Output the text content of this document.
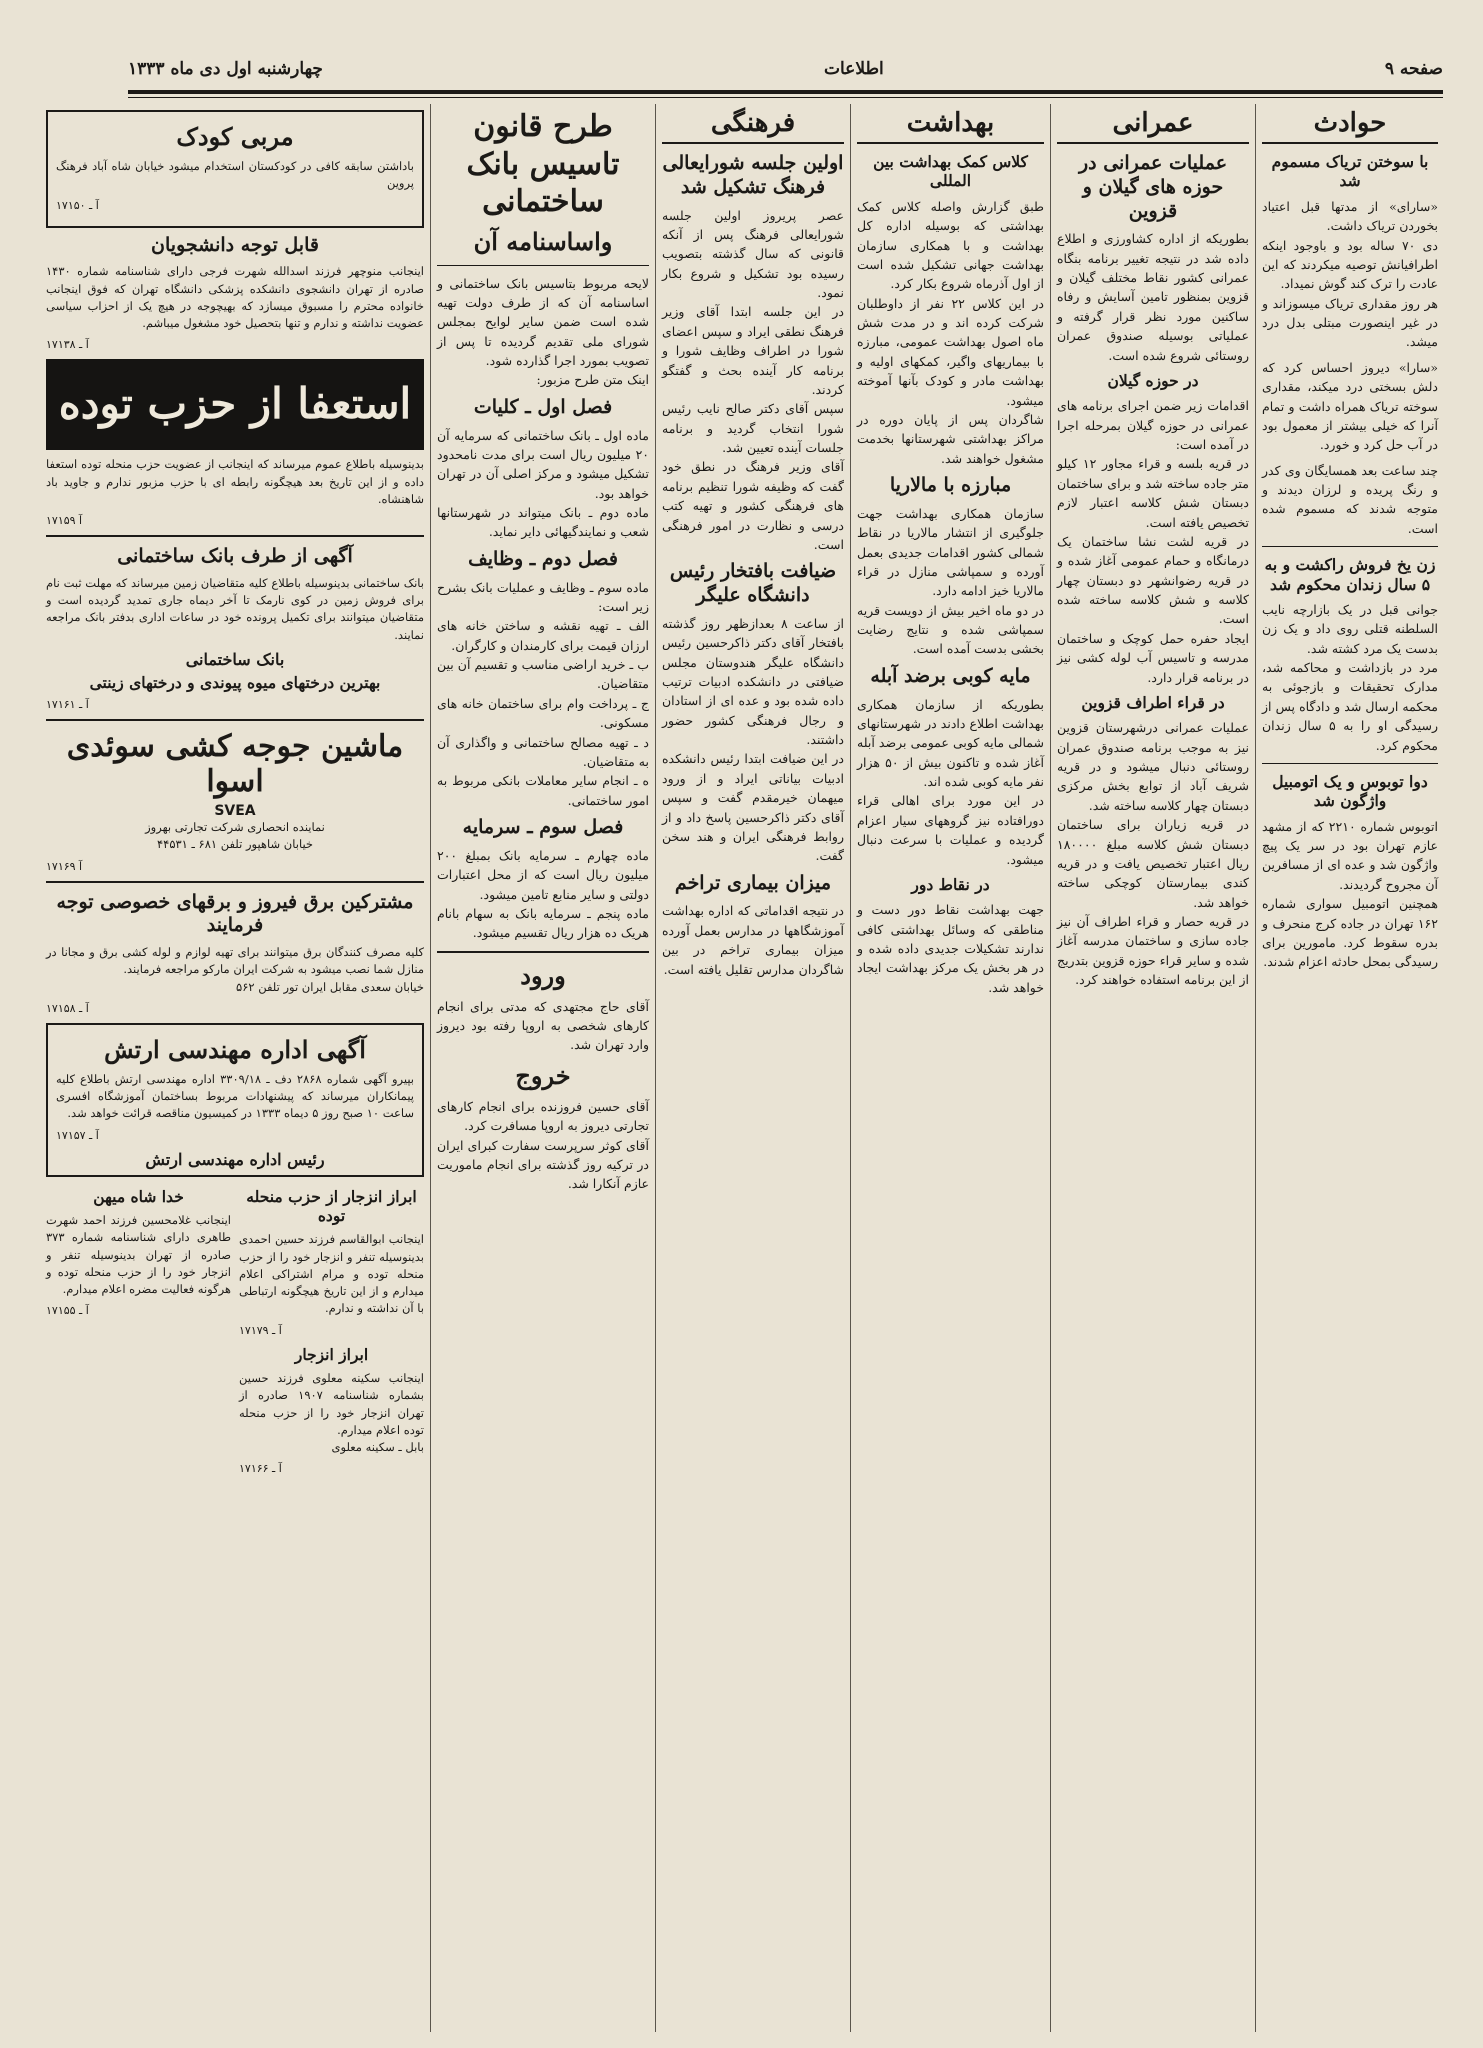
صفحه ۹
اطلاعات
چهارشنبه اول دی ماه ۱۳۳۳
حوادث
با سوختن تریاک مسموم شد

«سارای» از مدتها قبل اعتیاد بخوردن تریاک داشت.
دی ۷۰ ساله بود و باوجود اینکه اطرافیانش توصیه میکردند که این عادت را ترک کند گوش نمیداد.
هر روز مقداری تریاک میسوزاند و در غیر اینصورت مبتلی بدل درد میشد.

«سارا» دیروز احساس کرد که دلش بسختی درد میکند، مقداری سوخته تریاک همراه داشت و تمام آنرا که خیلی بیشتر از معمول بود در آب حل کرد و خورد.

چند ساعت بعد همسایگان وی کدر و رنگ پریده و لرزان دیدند و متوجه شدند که مسموم شده است.

زن یخ فروش راکشت و به ۵ سال زندان محکوم شد

جوانی قبل در یک بازارچه نایب السلطنه قتلی روی داد و یک زن بدست یک مرد کشته شد.
مرد در بازداشت و محاکمه شد، مدارک تحقیقات و بازجوئی به محکمه ارسال شد و دادگاه پس از رسیدگی او را به ۵ سال زندان محکوم کرد.

دوا توبوس و یک اتومبیل واژگون شد

اتوبوس شماره ۲۲۱۰ که از مشهد عازم تهران بود در سر یک پیچ واژگون شد و عده ای از مسافرین آن مجروح گردیدند.
همچنین اتومبیل سواری شماره ۱۶۲ تهران در جاده کرج منحرف و بدره سقوط کرد. مامورین برای رسیدگی بمحل حادثه اعزام شدند.

عمرانی
عملیات عمرانی در حوزه های گیلان و قزوین

بطوریکه از اداره کشاورزی و اطلاع داده شد در نتیجه تغییر برنامه بنگاه عمرانی کشور نقاط مختلف گیلان و قزوین بمنظور تامین آسایش و رفاه ساکنین مورد نظر قرار گرفته و عملیاتی بوسیله صندوق عمران روستائی شروع شده است.

در حوزه گیلان

اقدامات زیر ضمن اجرای برنامه های عمرانی در حوزه گیلان بمرحله اجرا در آمده است:
در قریه بلسه و قراء مجاور ۱۲ کیلو متر جاده ساخته شد و برای ساختمان دبستان شش کلاسه اعتبار لازم تخصیص یافته است.
در قریه لشت نشا ساختمان یک درمانگاه و حمام عمومی آغاز شده و در قریه رضوانشهر دو دبستان چهار کلاسه و شش کلاسه ساخته شده است.
ایجاد حفره حمل کوچک و ساختمان مدرسه و تاسیس آب لوله کشی نیز در برنامه قرار دارد.

در قراء اطراف قزوین

عملیات عمرانی درشهرستان قزوین نیز به موجب برنامه صندوق عمران روستائی دنبال میشود و در قریه شریف آباد از توابع بخش مرکزی دبستان چهار کلاسه ساخته شد.
در قریه زیاران برای ساختمان دبستان شش کلاسه مبلغ ۱۸۰۰۰۰ ریال اعتبار تخصیص یافت و در قریه کندی بیمارستان کوچکی ساخته خواهد شد.
در قریه حصار و قراء اطراف آن نیز جاده سازی و ساختمان مدرسه آغاز شده و سایر قراء حوزه قزوین بتدریج از این برنامه استفاده خواهند کرد.

بهداشت
کلاس کمک بهداشت بین المللی

طبق گزارش واصله کلاس کمک بهداشتی که بوسیله اداره کل بهداشت و با همکاری سازمان بهداشت جهانی تشکیل شده است از اول آذرماه شروع بکار کرد.
در این کلاس ۲۲ نفر از داوطلبان شرکت کرده اند و در مدت شش ماه اصول بهداشت عمومی، مبارزه با بیماریهای واگیر، کمکهای اولیه و بهداشت مادر و کودک بآنها آموخته میشود.
شاگردان پس از پایان دوره در مراکز بهداشتی شهرستانها بخدمت مشغول خواهند شد.

مبارزه با مالاریا

سازمان همکاری بهداشت جهت جلوگیری از انتشار مالاریا در نقاط شمالی کشور اقدامات جدیدی بعمل آورده و سمپاشی منازل در قراء مالاریا خیز ادامه دارد.
در دو ماه اخیر بیش از دویست قریه سمپاشی شده و نتایج رضایت بخشی بدست آمده است.

مایه کوبی برضد آبله

بطوریکه از سازمان همکاری بهداشت اطلاع دادند در شهرستانهای شمالی مایه کوبی عمومی برضد آبله آغاز شده و تاکنون بیش از ۵۰ هزار نفر مایه کوبی شده اند.
در این مورد برای اهالی قراء دورافتاده نیز گروههای سیار اعزام گردیده و عملیات با سرعت دنبال میشود.

در نقاط دور

جهت بهداشت نقاط دور دست و مناطقی که وسائل بهداشتی کافی ندارند تشکیلات جدیدی داده شده و در هر بخش یک مرکز بهداشت ایجاد خواهد شد.

فرهنگی
اولین جلسه شورایعالی فرهنگ تشکیل شد

عصر پریروز اولین جلسه شورایعالی فرهنگ پس از آنکه قانونی که سال گذشته بتصویب رسیده بود تشکیل و شروع بکار نمود.
در این جلسه ابتدا آقای وزیر فرهنگ نطقی ایراد و سپس اعضای شورا در اطراف وظایف شورا و برنامه کار آینده بحث و گفتگو کردند.
سپس آقای دکتر صالح نایب رئیس شورا انتخاب گردید و برنامه جلسات آینده تعیین شد.
آقای وزیر فرهنگ در نطق خود گفت که وظیفه شورا تنظیم برنامه های فرهنگی کشور و تهیه کتب درسی و نظارت در امور فرهنگی است.

ضیافت بافتخار رئیس دانشگاه علیگر

از ساعت ۸ بعدازظهر روز گذشته بافتخار آقای دکتر ذاکرحسین رئیس دانشگاه علیگر هندوستان مجلس ضیافتی در دانشکده ادبیات ترتیب داده شده بود و عده ای از استادان و رجال فرهنگی کشور حضور داشتند.
در این ضیافت ابتدا رئیس دانشکده ادبیات بیاناتی ایراد و از ورود میهمان خیرمقدم گفت و سپس آقای دکتر ذاکرحسین پاسخ داد و از روابط فرهنگی ایران و هند سخن گفت.

میزان بیماری تراخم

در نتیجه اقداماتی که اداره بهداشت آموزشگاهها در مدارس بعمل آورده میزان بیماری تراخم در بین شاگردان مدارس تقلیل یافته است.

طرح قانون تاسیس بانک ساختمانی
واساسنامه آن

لایحه مربوط بتاسیس بانک ساختمانی و اساسنامه آن که از طرف دولت تهیه شده است ضمن سایر لوایح بمجلس شورای ملی تقدیم گردیده تا پس از تصویب بمورد اجرا گذارده شود.
اینک متن طرح مزبور:

فصل اول ـ کلیات

ماده اول ـ بانک ساختمانی که سرمایه آن ۲۰ میلیون ریال است برای مدت نامحدود تشکیل میشود و مرکز اصلی آن در تهران خواهد بود.
ماده دوم ـ بانک میتواند در شهرستانها شعب و نمایندگیهائی دایر نماید.

فصل دوم ـ وظایف

ماده سوم ـ وظایف و عملیات بانک بشرح زیر است:
الف ـ تهیه نقشه و ساختن خانه های ارزان قیمت برای کارمندان و کارگران.
ب ـ خرید اراضی مناسب و تقسیم آن بین متقاضیان.
ج ـ پرداخت وام برای ساختمان خانه های مسکونی.
د ـ تهیه مصالح ساختمانی و واگذاری آن به متقاضیان.
ه ـ انجام سایر معاملات بانکی مربوط به امور ساختمانی.

فصل سوم ـ سرمایه

ماده چهارم ـ سرمایه بانک بمبلغ ۲۰۰ میلیون ریال است که از محل اعتبارات دولتی و سایر منابع تامین میشود.
ماده پنجم ـ سرمایه بانک به سهام بانام هریک ده هزار ریال تقسیم میشود.

ورود

آقای حاج مجتهدی که مدتی برای انجام کارهای شخصی به اروپا رفته بود دیروز وارد تهران شد.

خروج

آقای حسین فروزنده برای انجام کارهای تجارتی دیروز به اروپا مسافرت کرد.
آقای کوثر سرپرست سفارت کبرای ایران در ترکیه روز گذشته برای انجام ماموریت عازم آنکارا شد.

مربی کودک

باداشتن سابقه کافی در کودکستان استخدام میشود خیابان شاه آباد فرهنگ پروین

آ ـ ۱۷۱۵۰
قابل توجه دانشجویان

اینجانب منوچهر فرزند اسدالله شهرت فرجی دارای شناسنامه شماره ۱۴۳۰ صادره از تهران دانشجوی دانشکده پزشکی دانشگاه تهران که فوق اینجانب خانواده محترم را مسبوق میسازد که بهیچوجه در هیچ یک از احزاب سیاسی عضویت نداشته و ندارم و تنها بتحصیل خود مشغول میباشم.

آ ـ ۱۷۱۳۸
استعفا از حزب توده

بدینوسیله باطلاع عموم میرساند که اینجانب از عضویت حزب منحله توده استعفا داده و از این تاریخ بعد هیچگونه رابطه ای با حزب مزبور ندارم و جاوید باد شاهنشاه.

۱۷۱۵۹ آ
آگهی از طرف بانک ساختمانی

بانک ساختمانی بدینوسیله باطلاع کلیه متقاضیان زمین میرساند که مهلت ثبت نام برای فروش زمین در کوی نارمک تا آخر دیماه جاری تمدید گردیده است و متقاضیان میتوانند برای تکمیل پرونده خود در ساعات اداری بدفتر بانک مراجعه نمایند.

بانک ساختمانی
بهترین درختهای میوه پیوندی و درختهای زینتی
آ ـ ۱۷۱۶۱
ماشین جوجه کشی سوئدی اسوا
SVEA

نماینده انحصاری شرکت تجارتی بهروز
خیابان شاهپور تلفن ۶۸۱ ـ ۴۴۵۳۱

۱۷۱۶۹ آ
مشترکین برق فیروز و برقهای خصوصی توجه فرمایند

کلیه مصرف کنندگان برق میتوانند برای تهیه لوازم و لوله کشی برق و مجانا در منازل شما نصب میشود به شرکت ایران مارکو مراجعه فرمایند.
خیابان سعدی مقابل ایران تور تلفن ۵۶۲

آ ـ ۱۷۱۵۸
آگهی اداره مهندسی ارتش

بپیرو آگهی شماره ۲۸۶۸ دف ـ ۳۳۰۹/۱۸ اداره مهندسی ارتش باطلاع کلیه پیمانکاران میرساند که پیشنهادات مربوط بساختمان آموزشگاه افسری ساعت ۱۰ صبح روز ۵ دیماه ۱۳۳۳ در کمیسیون مناقصه قرائت خواهد شد.

آ ـ ۱۷۱۵۷
رئیس اداره مهندسی ارتش
ابراز انزجار از حزب منحله توده

اینجانب ابوالقاسم فرزند حسین احمدی بدینوسیله تنفر و انزجار خود را از حزب منحله توده و مرام اشتراکی اعلام میدارم و از این تاریخ هیچگونه ارتباطی با آن نداشته و ندارم.

آ ـ ۱۷۱۷۹
ابراز انزجار

اینجانب سکینه معلوی فرزند حسین بشماره شناسنامه ۱۹۰۷ صادره از تهران انزجار خود را از حزب منحله توده اعلام میدارم.
بابل ـ سکینه معلوی

آ ـ ۱۷۱۶۶
خدا شاه میهن

اینجانب غلامحسین فرزند احمد شهرت طاهری دارای شناسنامه شماره ۳۷۳ صادره از تهران بدینوسیله تنفر و انزجار خود را از حزب منحله توده و هرگونه فعالیت مضره اعلام میدارم.

آ ـ ۱۷۱۵۵
